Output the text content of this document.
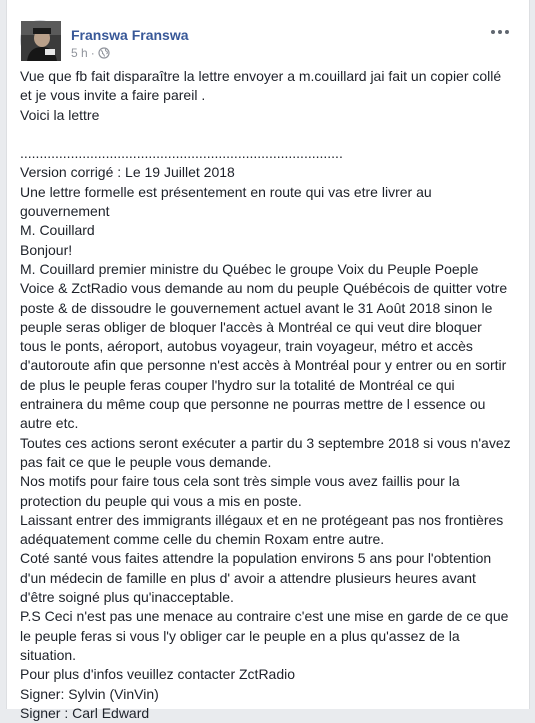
Franswa Franswa
5 h ·

Vue que fb fait disparaître la lettre envoyer a m.couillard jai fait un copier collé

et je vous invite a faire pareil .

Voici la lettre

...................................................................................

Version corrigé : Le 19 Juillet 2018

Une lettre formelle est présentement en route qui vas etre livrer au

gouvernement

M. Couillard

Bonjour!

M. Couillard premier ministre du Québec le groupe Voix du Peuple Poeple

Voice & ZctRadio vous demande au nom du peuple Québécois de quitter votre

poste & de dissoudre le gouvernement actuel avant le 31 Août 2018 sinon le

peuple seras obliger de bloquer l'accès à Montréal ce qui veut dire bloquer

tous le ponts, aéroport, autobus voyageur, train voyageur, métro et accès

d'autoroute afin que personne n'est accès à Montréal pour y entrer ou en sortir

de plus le peuple feras couper l'hydro sur la totalité de Montréal ce qui

entrainera du même coup que personne ne pourras mettre de l essence ou

autre etc.

Toutes ces actions seront exécuter a partir du 3 septembre 2018 si vous n'avez

pas fait ce que le peuple vous demande.

Nos motifs pour faire tous cela sont très simple vous avez faillis pour la

protection du peuple qui vous a mis en poste.

Laissant entrer des immigrants illégaux et en ne protégeant pas nos frontières

adéquatement comme celle du chemin Roxam entre autre.

Coté santé vous faites attendre la population environs 5 ans pour l'obtention

d'un médecin de famille en plus d' avoir a attendre plusieurs heures avant

d'être soigné plus qu'inacceptable.

P.S Ceci n'est pas une menace au contraire c'est une mise en garde de ce que

le peuple feras si vous l'y obliger car le peuple en a plus qu'assez de la

situation.

Pour plus d'infos veuillez contacter ZctRadio

Signer: Sylvin (VinVin)

Signer : Carl Edward
